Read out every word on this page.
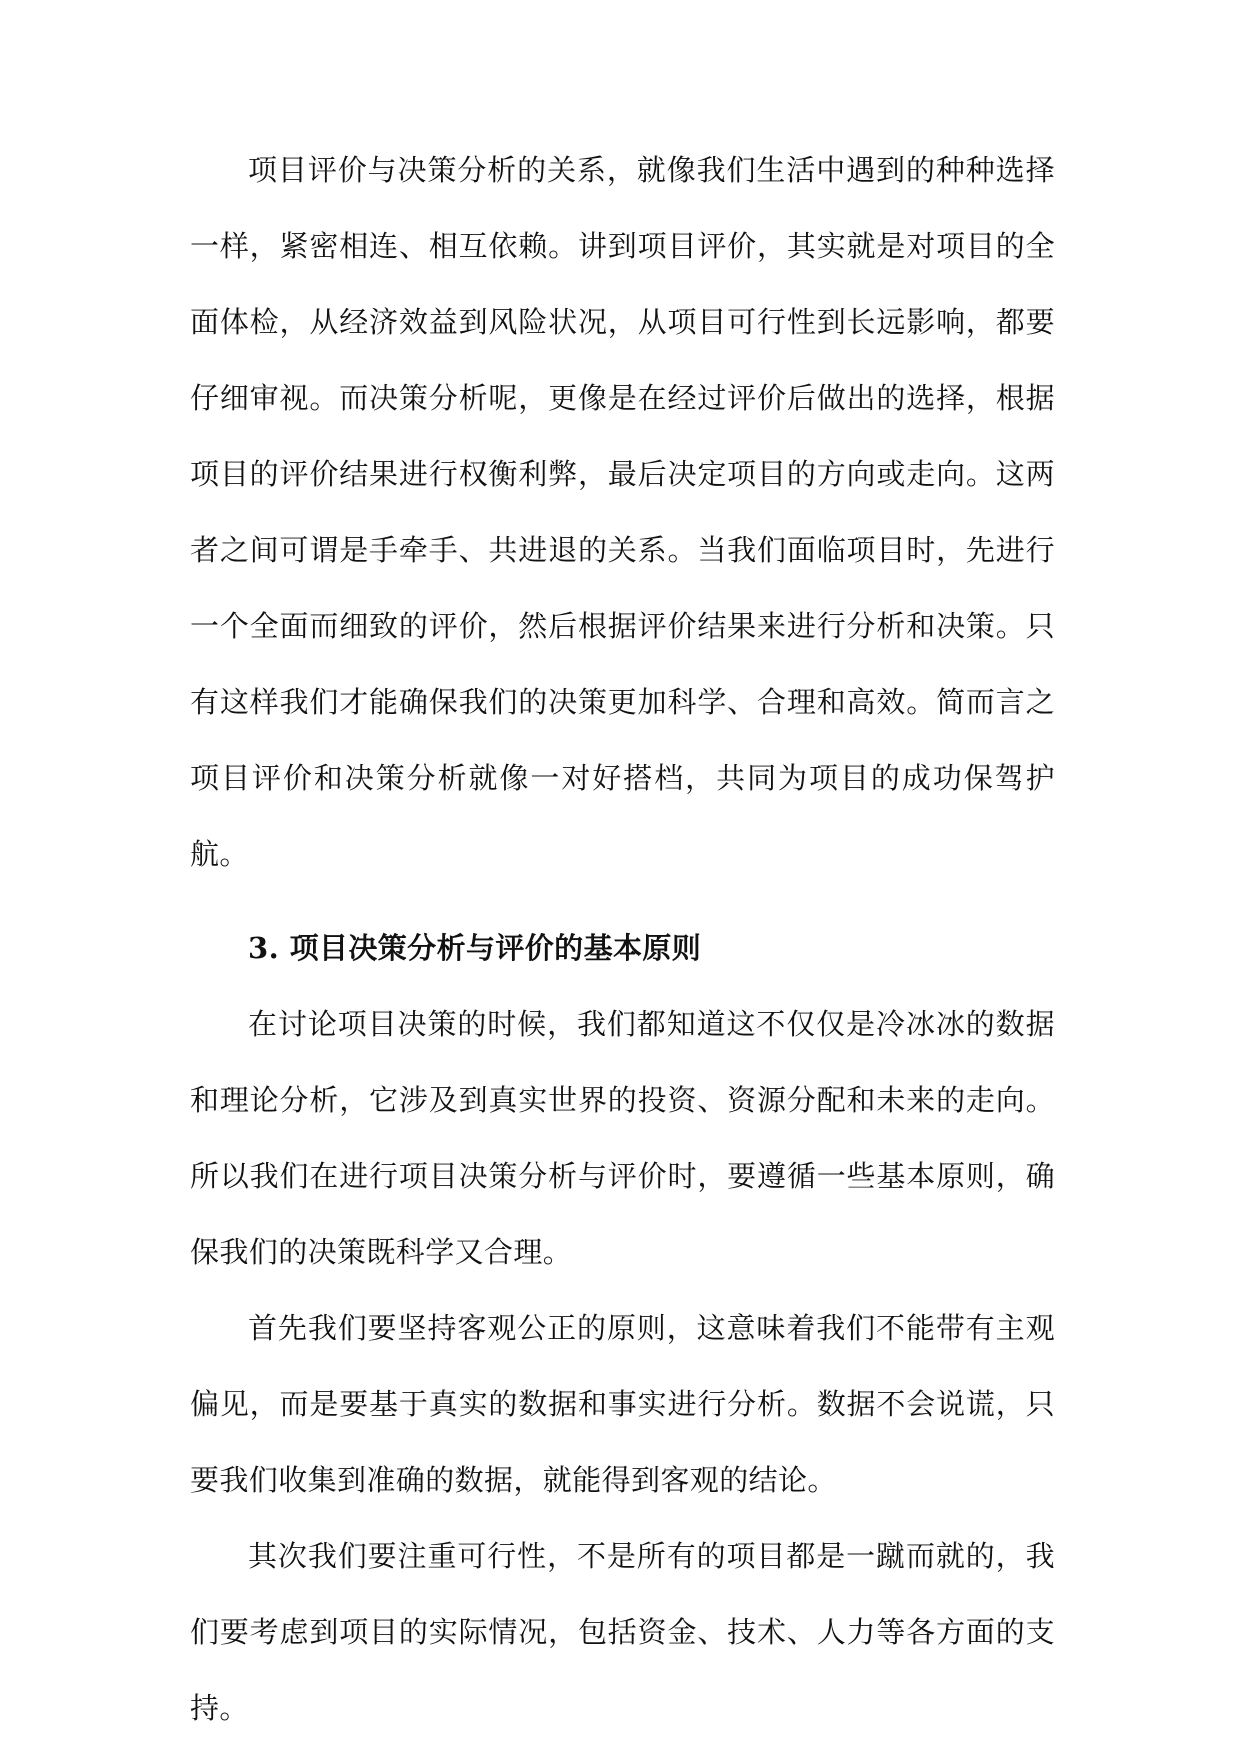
项目评价与决策分析的关系，就像我们生活中遇到的种种选择一样，紧密相连、相互依赖。讲到项目评价，其实就是对项目的全面体检，从经济效益到风险状况，从项目可行性到长远影响，都要仔细审视。而决策分析呢，更像是在经过评价后做出的选择，根据项目的评价结果进行权衡利弊，最后决定项目的方向或走向。这两者之间可谓是手牵手、共进退的关系。当我们面临项目时，先进行一个全面而细致的评价，然后根据评价结果来进行分析和决策。只有这样我们才能确保我们的决策更加科学、合理和高效。简而言之项目评价和决策分析就像一对好搭档，共同为项目的成功保驾护航。

3. 项目决策分析与评价的基本原则

在讨论项目决策的时候，我们都知道这不仅仅是冷冰冰的数据和理论分析，它涉及到真实世界的投资、资源分配和未来的走向。所以我们在进行项目决策分析与评价时，要遵循一些基本原则，确保我们的决策既科学又合理。

首先我们要坚持客观公正的原则，这意味着我们不能带有主观偏见，而是要基于真实的数据和事实进行分析。数据不会说谎，只要我们收集到准确的数据，就能得到客观的结论。

其次我们要注重可行性，不是所有的项目都是一蹴而就的，我们要考虑到项目的实际情况，包括资金、技术、人力等各方面的支持。
